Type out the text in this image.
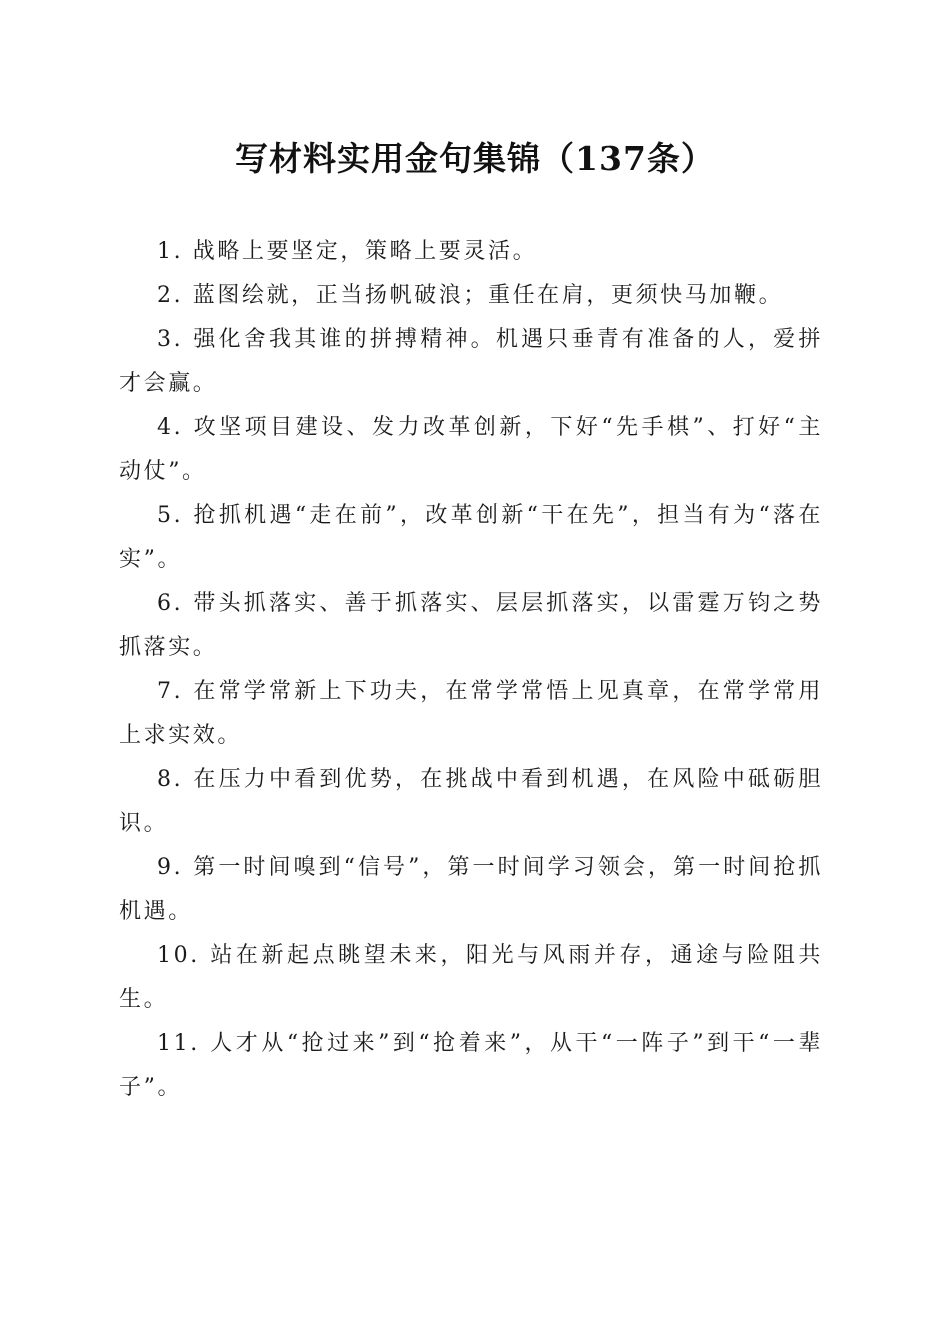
写材料实用金句集锦（137条）

1. 战略上要坚定，策略上要灵活。

2. 蓝图绘就，正当扬帆破浪；重任在肩，更须快马加鞭。

3. 强化舍我其谁的拼搏精神。机遇只垂青有准备的人，爱拼才会赢。

4. 攻坚项目建设、发力改革创新，下好“先手棋”、打好“主动仗”。

5. 抢抓机遇“走在前”，改革创新“干在先”，担当有为“落在实”。

6. 带头抓落实、善于抓落实、层层抓落实，以雷霆万钧之势抓落实。

7. 在常学常新上下功夫，在常学常悟上见真章，在常学常用上求实效。

8. 在压力中看到优势，在挑战中看到机遇，在风险中砥砺胆识。

9. 第一时间嗅到“信号”，第一时间学习领会，第一时间抢抓机遇。

10. 站在新起点眺望未来，阳光与风雨并存，通途与险阻共生。

11. 人才从“抢过来”到“抢着来”，从干“一阵子”到干“一辈子”。
